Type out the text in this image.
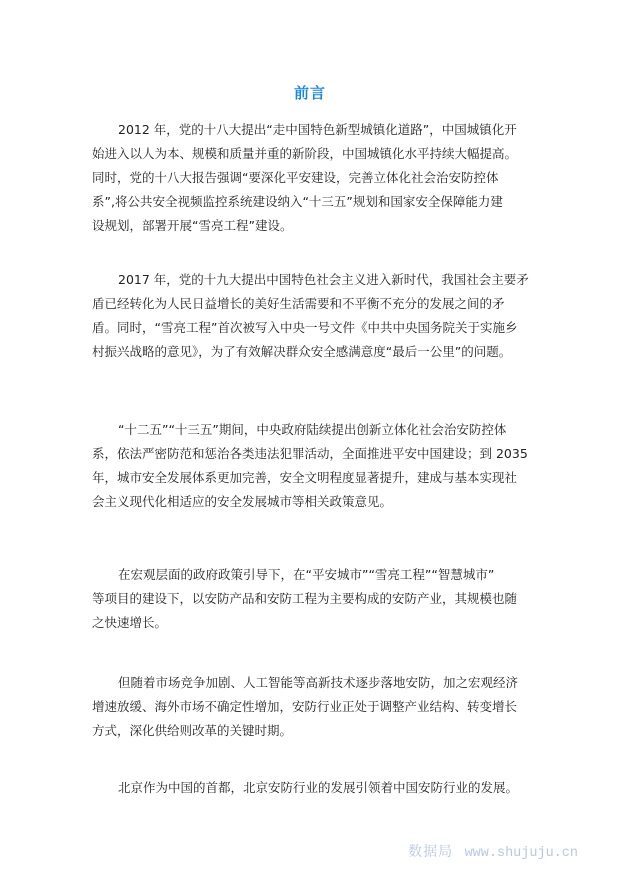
前言

2012 年，党的十八大提出“走中国特色新型城镇化道路”，中国城镇化开
始进入以人为本、规模和质量并重的新阶段，中国城镇化水平持续大幅提高。
同时，党的十八大报告强调“要深化平安建设，完善立体化社会治安防控体
系”,将公共安全视频监控系统建设纳入“十三五”规划和国家安全保障能力建
设规划，部署开展“雪亮工程”建设。

2017 年，党的十九大提出中国特色社会主义进入新时代，我国社会主要矛
盾已经转化为人民日益增长的美好生活需要和不平衡不充分的发展之间的矛
盾。同时，“雪亮工程”首次被写入中央一号文件《中共中央国务院关于实施乡
村振兴战略的意见》，为了有效解决群众安全感满意度“最后一公里”的问题。

“十二五”“十三五”期间，中央政府陆续提出创新立体化社会治安防控体
系，依法严密防范和惩治各类违法犯罪活动，全面推进平安中国建设；到 2035
年，城市安全发展体系更加完善，安全文明程度显著提升，建成与基本实现社
会主义现代化相适应的安全发展城市等相关政策意见。

在宏观层面的政府政策引导下，在“平安城市”“雪亮工程”“智慧城市”
等项目的建设下，以安防产品和安防工程为主要构成的安防产业，其规模也随
之快速增长。

但随着市场竞争加剧、人工智能等高新技术逐步落地安防，加之宏观经济
增速放缓、海外市场不确定性增加，安防行业正处于调整产业结构、转变增长
方式，深化供给则改革的关键时期。

北京作为中国的首都，北京安防行业的发展引领着中国安防行业的发展。

数据局 www.shujuju.cn
